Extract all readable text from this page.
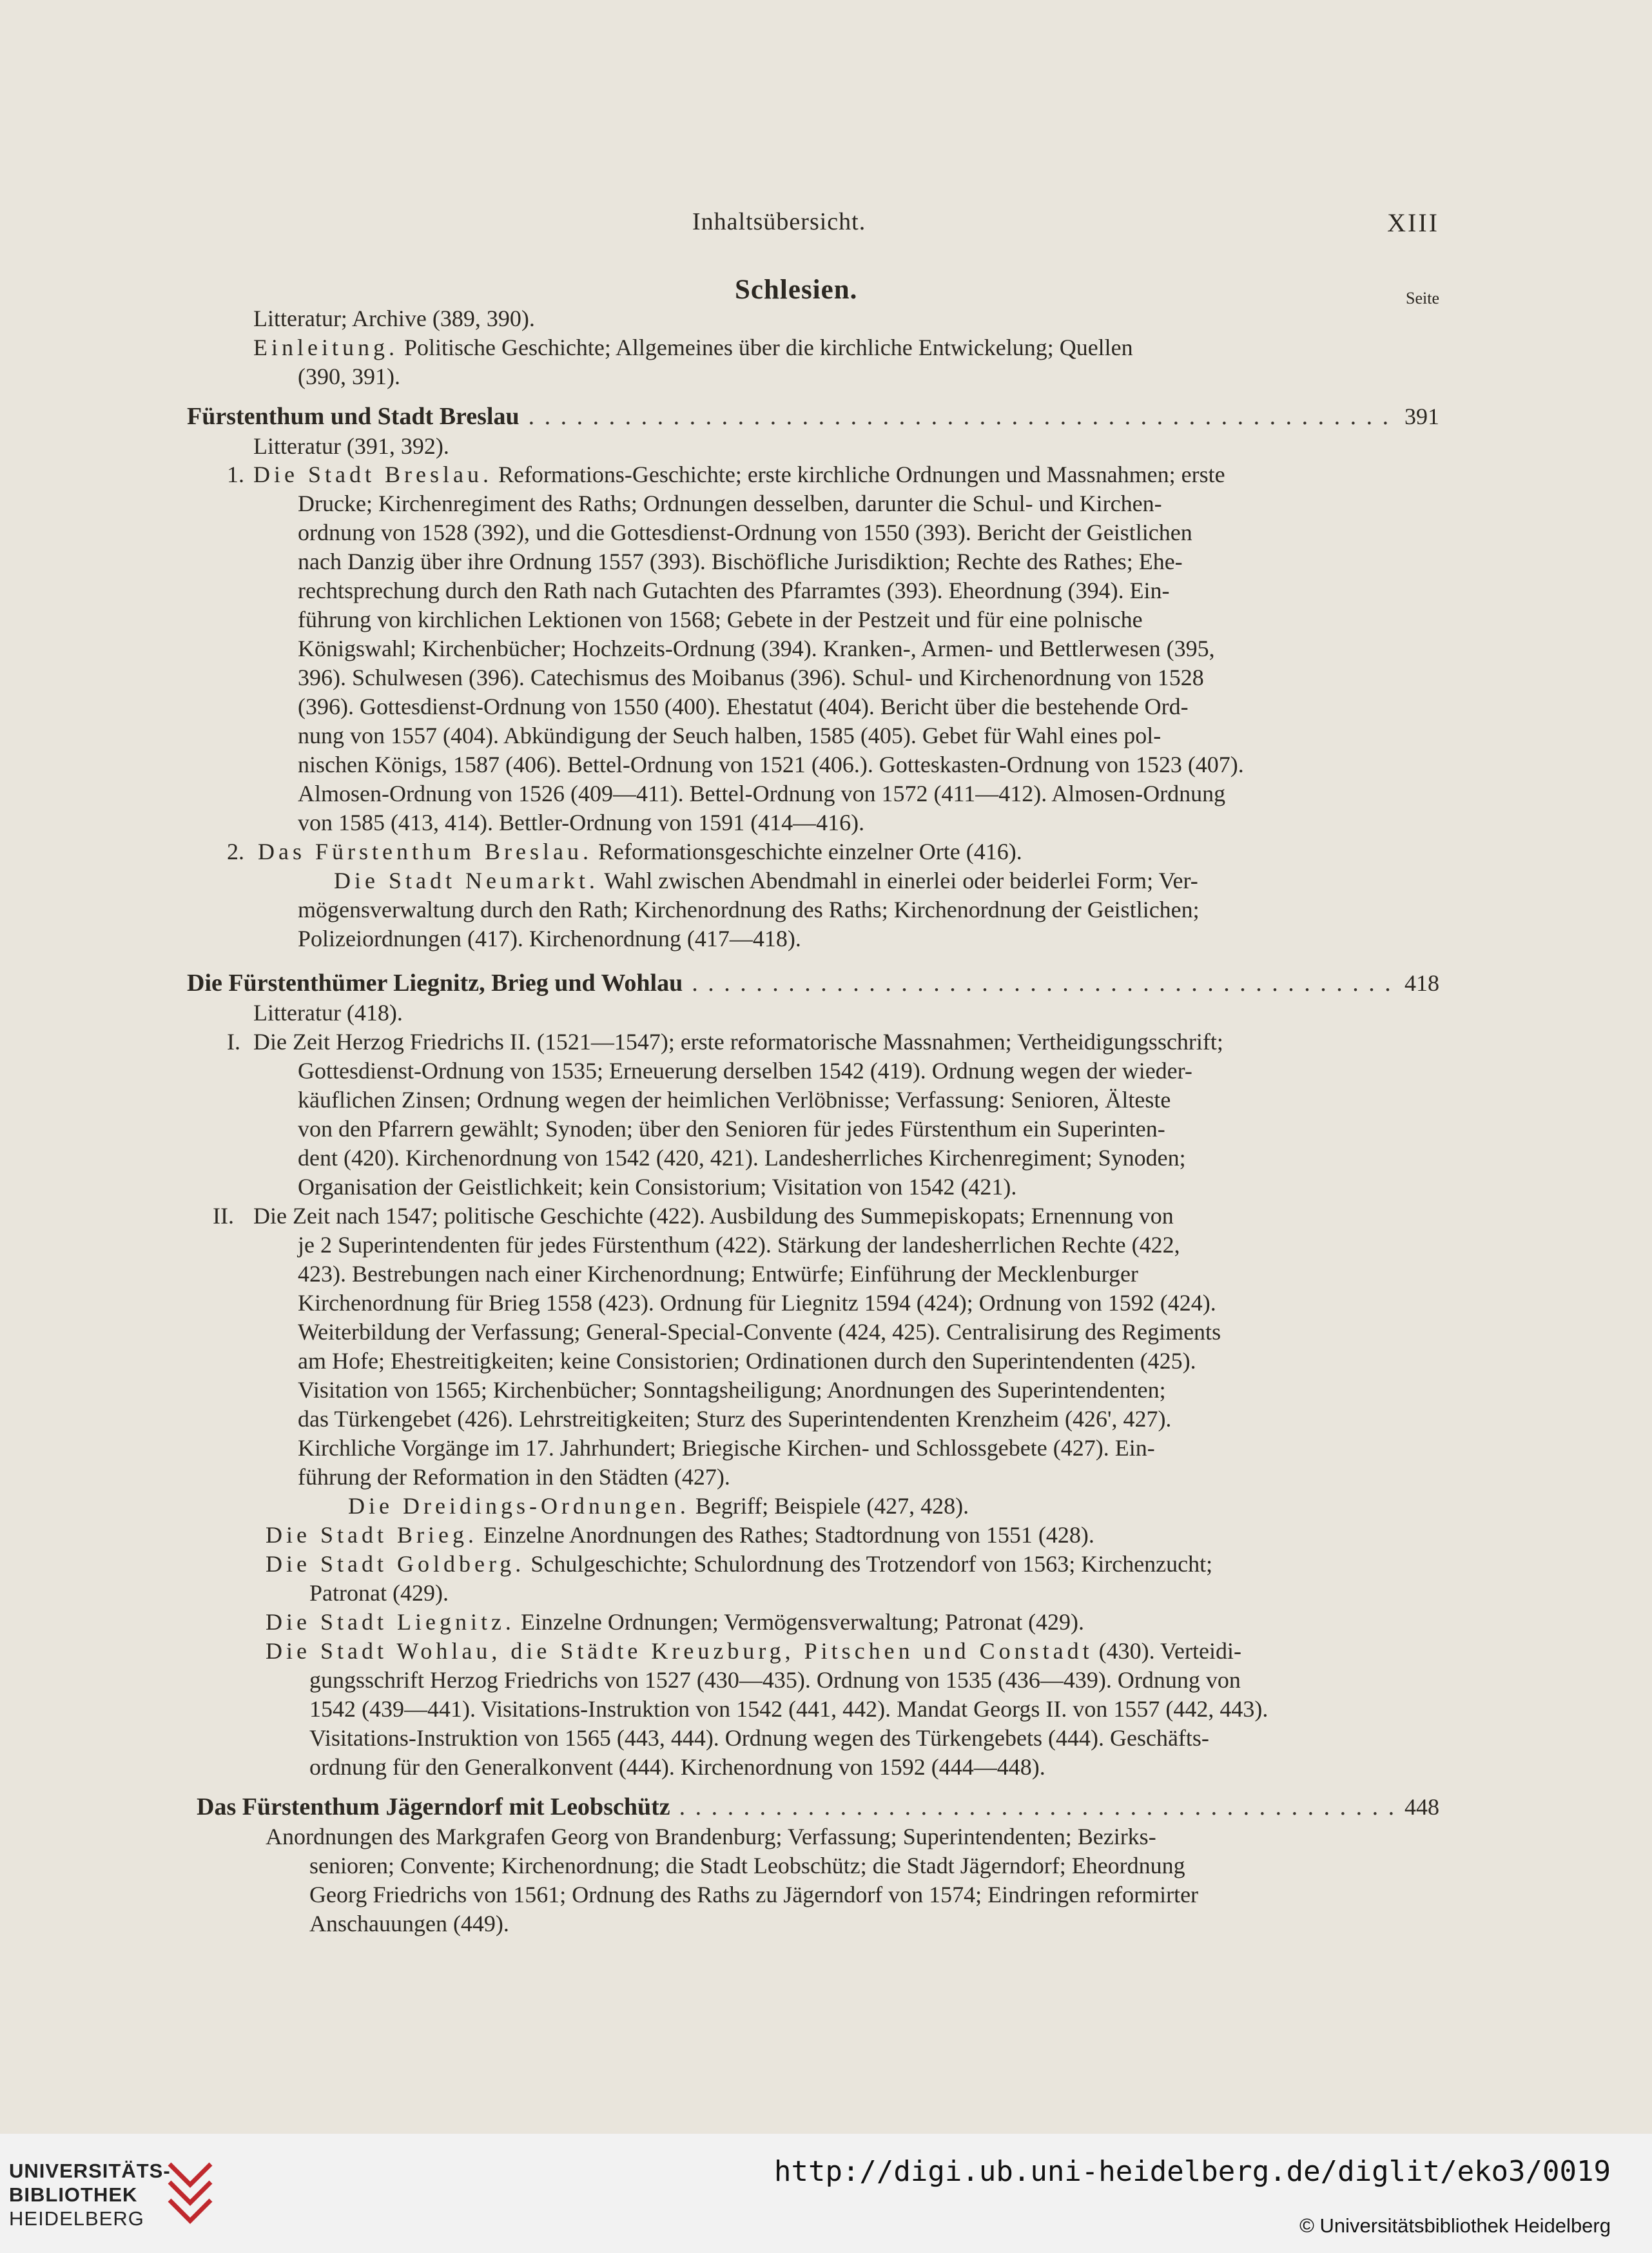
Inhaltsübersicht.	XIII
Schlesien.	Seite
Litteratur; Archive (389, 390).
Einleitung. Politische Geschichte; Allgemeines über die kirchliche Entwickelung; Quellen
(390, 391).
Fürstenthum und Stadt Breslau . . .	391
Litteratur (391, 392).
1. Die Stadt Breslau. Reformations-Geschichte; erste kirchliche Ordnungen und Massnahmen; erste
Drucke; Kirchenregiment des Raths; Ordnungen desselben, darunter die Schul- und Kirchen-
ordnung von 1528 (392), und die Gottesdienst-Ordnung von 1550 (393). Bericht der Geistlichen
nach Danzig über ihre Ordnung 1557 (393). Bischöfliche Jurisdiktion; Rechte des Rathes; Ehe-
rechtsprechung durch den Rath nach Gutachten des Pfarramtes (393). Eheordnung (394). Ein-
führung von kirchlichen Lektionen von 1568; Gebete in der Pestzeit und für eine polnische
Königswahl; Kirchenbücher; Hochzeits-Ordnung (394). Kranken-, Armen- und Bettlerwesen (395,
396). Schulwesen (396). Catechismus des Moibanus (396). Schul- und Kirchenordnung von 1528
(396). Gottesdienst-Ordnung von 1550 (400). Ehestatut (404). Bericht über die bestehende Ord-
nung von 1557 (404). Abkündigung der Seuch halben, 1585 (405). Gebet für Wahl eines pol-
nischen Königs, 1587 (406). Bettel-Ordnung von 1521 (406.). Gotteskasten-Ordnung von 1523 (407).
Almosen-Ordnung von 1526 (409—411). Bettel-Ordnung von 1572 (411—412). Almosen-Ordnung
von 1585 (413, 414). Bettler-Ordnung von 1591 (414—416).
2. Das Fürstenthum Breslau. Reformationsgeschichte einzelner Orte (416).
Die Stadt Neumarkt. Wahl zwischen Abendmahl in einerlei oder beiderlei Form; Ver-
mögensverwaltung durch den Rath; Kirchenordnung des Raths; Kirchenordnung der Geistlichen;
Polizeiordnungen (417). Kirchenordnung (417—418).
Die Fürstenthümer Liegnitz, Brieg und Wohlau . . .	418
Litteratur (418).
I. Die Zeit Herzog Friedrichs II. (1521—1547); erste reformatorische Massnahmen; Vertheidigungsschrift;
Gottesdienst-Ordnung von 1535; Erneuerung derselben 1542 (419). Ordnung wegen der wieder-
käuflichen Zinsen; Ordnung wegen der heimlichen Verlöbnisse; Verfassung: Senioren, Älteste
von den Pfarrern gewählt; Synoden; über den Senioren für jedes Fürstenthum ein Superinten-
dent (420). Kirchenordnung von 1542 (420, 421). Landesherrliches Kirchenregiment; Synoden;
Organisation der Geistlichkeit; kein Consistorium; Visitation von 1542 (421).
II. Die Zeit nach 1547; politische Geschichte (422). Ausbildung des Summepiskopats; Ernennung von
je 2 Superintendenten für jedes Fürstenthum (422). Stärkung der landesherrlichen Rechte (422,
423). Bestrebungen nach einer Kirchenordnung; Entwürfe; Einführung der Mecklenburger
Kirchenordnung für Brieg 1558 (423). Ordnung für Liegnitz 1594 (424); Ordnung von 1592 (424).
Weiterbildung der Verfassung; General-Special-Convente (424, 425). Centralisirung des Regiments
am Hofe; Ehestreitigkeiten; keine Consistorien; Ordinationen durch den Superintendenten (425).
Visitation von 1565; Kirchenbücher; Sonntagsheiligung; Anordnungen des Superintendenten;
das Türkengebet (426). Lehrstreitigkeiten; Sturz des Superintendenten Krenzheim (426', 427).
Kirchliche Vorgänge im 17. Jahrhundert; Briegische Kirchen- und Schlossgebete (427). Ein-
führung der Reformation in den Städten (427).
Die Dreidings-Ordnungen. Begriff; Beispiele (427, 428).
Die Stadt Brieg. Einzelne Anordnungen des Rathes; Stadtordnung von 1551 (428).
Die Stadt Goldberg. Schulgeschichte; Schulordnung des Trotzendorf von 1563; Kirchenzucht;
Patronat (429).
Die Stadt Liegnitz. Einzelne Ordnungen; Vermögensverwaltung; Patronat (429).
Die Stadt Wohlau, die Städte Kreuzburg, Pitschen und Constadt (430). Verteidi-
gungsschrift Herzog Friedrichs von 1527 (430—435). Ordnung von 1535 (436—439). Ordnung von
1542 (439—441). Visitations-Instruktion von 1542 (441, 442). Mandat Georgs II. von 1557 (442, 443).
Visitations-Instruktion von 1565 (443, 444). Ordnung wegen des Türkengebets (444). Geschäfts-
ordnung für den Generalkonvent (444). Kirchenordnung von 1592 (444—448).
Das Fürstenthum Jägerndorf mit Leobschütz . . .	448
Anordnungen des Markgrafen Georg von Brandenburg; Verfassung; Superintendenten; Bezirks-
senioren; Convente; Kirchenordnung; die Stadt Leobschütz; die Stadt Jägerndorf; Eheordnung
Georg Friedrichs von 1561; Ordnung des Raths zu Jägerndorf von 1574; Eindringen reformirter
Anschauungen (449).
UNIVERSITÄTS-
BIBLIOTHEK
HEIDELBERG
http://digi.ub.uni-heidelberg.de/diglit/eko3/0019
© Universitätsbibliothek Heidelberg
